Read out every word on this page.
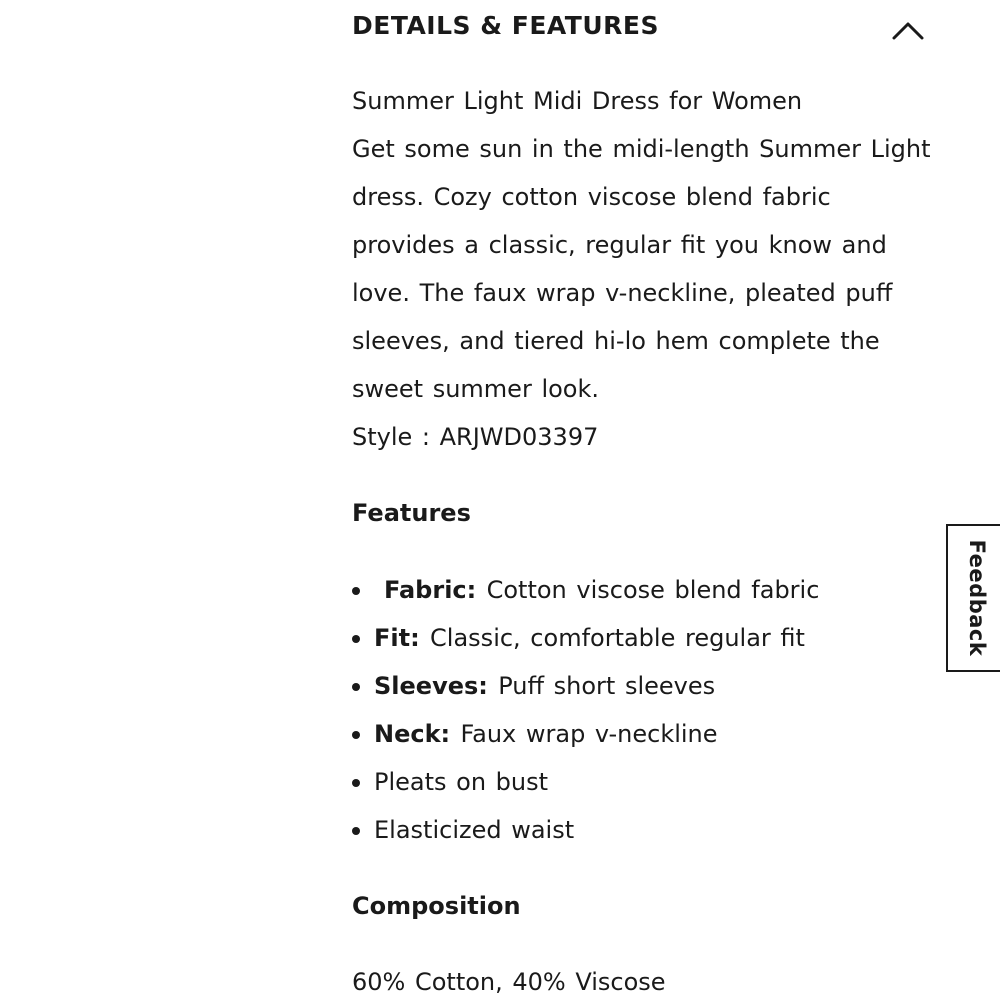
DETAILS & FEATURES
Summer Light Midi Dress for Women
Get some sun in the midi-length Summer Light
dress. Cozy cotton viscose blend fabric
provides a classic, regular fit you know and
love. The faux wrap v-neckline, pleated puff
sleeves, and tiered hi-lo hem complete the
sweet summer look.
Style : ARJWD03397
Features
Fabric: Cotton viscose blend fabric
Fit: Classic, comfortable regular fit
Sleeves: Puff short sleeves
Neck: Faux wrap v-neckline
Pleats on bust
Elasticized waist
Composition
60% Cotton, 40% Viscose
Feedback
